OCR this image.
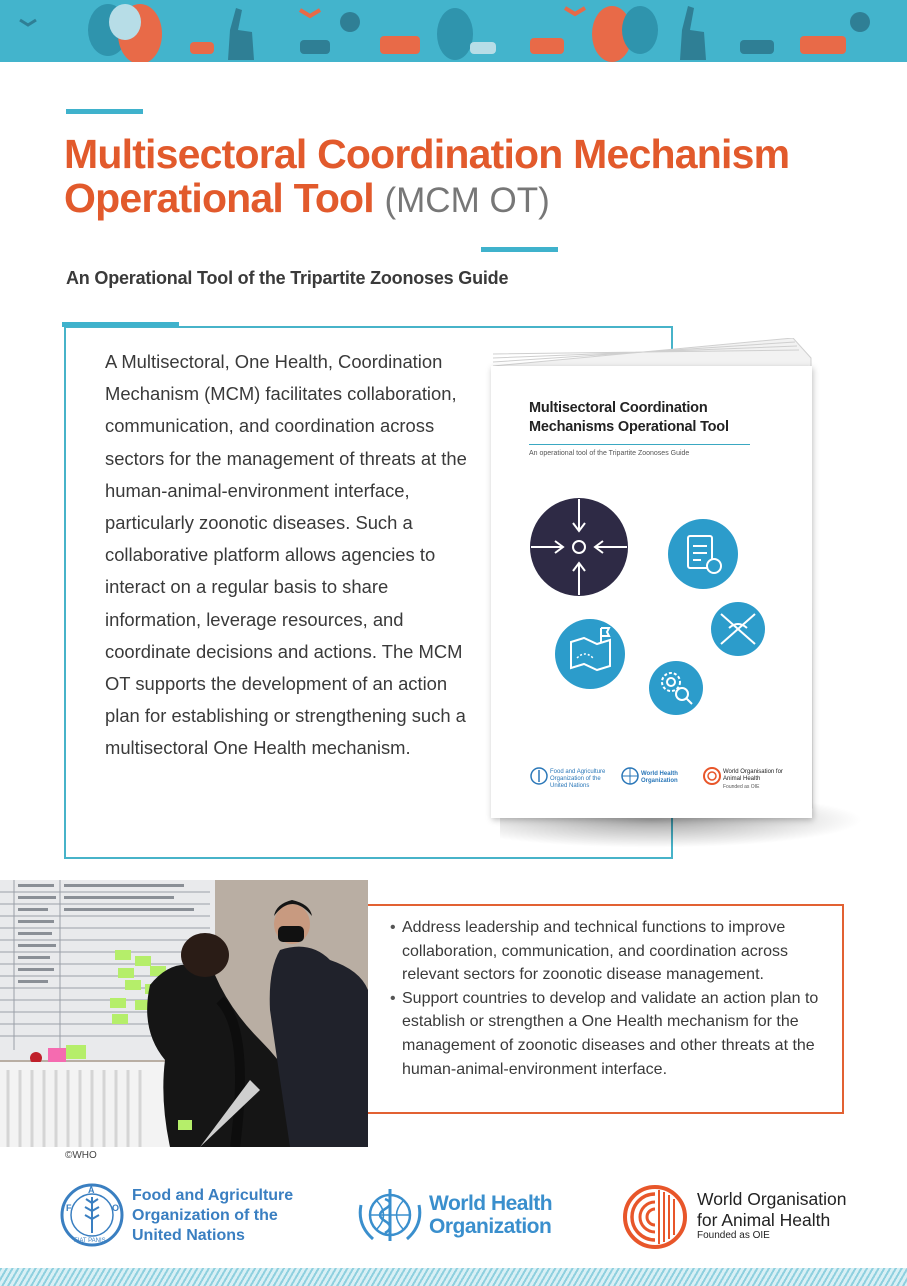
Multisectoral Coordination Mechanism
Operational Tool (MCM OT)
An Operational Tool of the Tripartite Zoonoses Guide

A Multisectoral, One Health, Coordination Mechanism (MCM) facilitates collaboration, communication, and coordination across sectors for the management of threats at the human-animal-environment interface, particularly zoonotic diseases. Such a collaborative platform allows agencies to interact on a regular basis to share information, leverage resources, and coordinate decisions and actions. The MCM OT supports the development of an action plan for establishing or strengthening such a multisectoral One Health mechanism.

Multisectoral Coordination Mechanisms Operational Tool
An operational tool of the Tripartite Zoonoses Guide
Food and Agriculture Organization of the United Nations
World Health Organization
World Organisation for Animal Health
Founded as OIE
©WHO
• Address leadership and technical functions to improve collaboration, communication, and coordination across relevant sectors for zoonotic disease management.
• Support countries to develop and validate an action plan to establish or strengthen a One Health mechanism for the management of zoonotic diseases and other threats at the human-animal-environment interface.
F
A
O
FIAT PANIS
Food and Agriculture
Organization of the
United Nations
World Health
Organization
World Organisation
for Animal Health
Founded as OIE
